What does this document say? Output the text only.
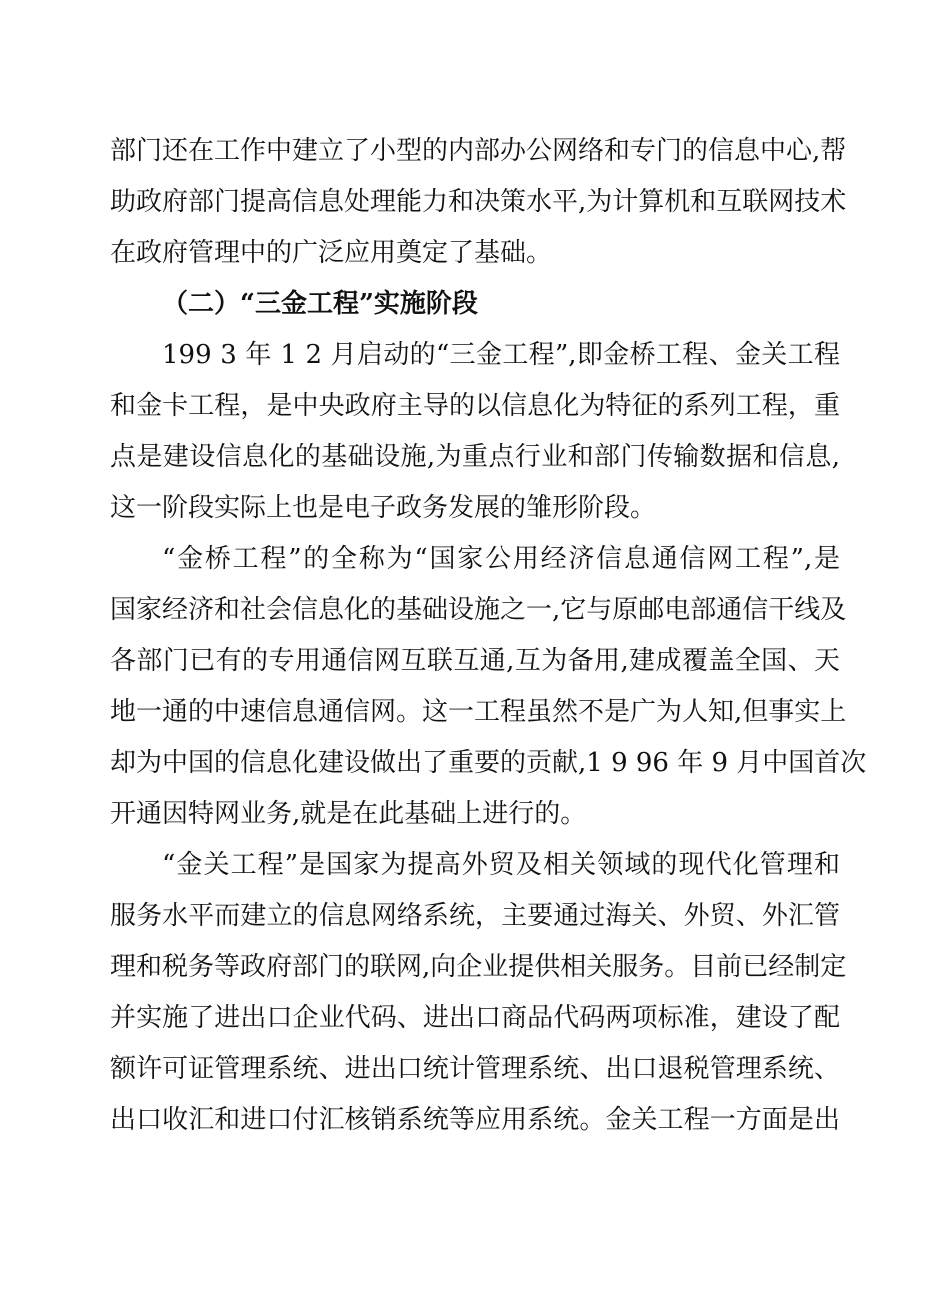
部门还在工作中建立了小型的内部办公网络和专门的信息中心,帮
助政府部门提高信息处理能力和决策水平,为计算机和互联网技术
在政府管理中的广泛应用奠定了基础。
（二）“三金工程”实施阶段
199 3 年 1 2 月启动的“三金工程”,即金桥工程、金关工程
和金卡工程，是中央政府主导的以信息化为特征的系列工程，重
点是建设信息化的基础设施,为重点行业和部门传输数据和信息,
这一阶段实际上也是电子政务发展的雏形阶段。
“金桥工程”的全称为“国家公用经济信息通信网工程”,是
国家经济和社会信息化的基础设施之一,它与原邮电部通信干线及
各部门已有的专用通信网互联互通,互为备用,建成覆盖全国、天
地一通的中速信息通信网。这一工程虽然不是广为人知,但事实上
却为中国的信息化建设做出了重要的贡献,1 9 96 年 9 月中国首次
开通因特网业务,就是在此基础上进行的。
“金关工程”是国家为提高外贸及相关领域的现代化管理和
服务水平而建立的信息网络系统，主要通过海关、外贸、外汇管
理和税务等政府部门的联网,向企业提供相关服务。目前已经制定
并实施了进出口企业代码、进出口商品代码两项标准，建设了配
额许可证管理系统、进出口统计管理系统、出口退税管理系统、
出口收汇和进口付汇核销系统等应用系统。金关工程一方面是出
